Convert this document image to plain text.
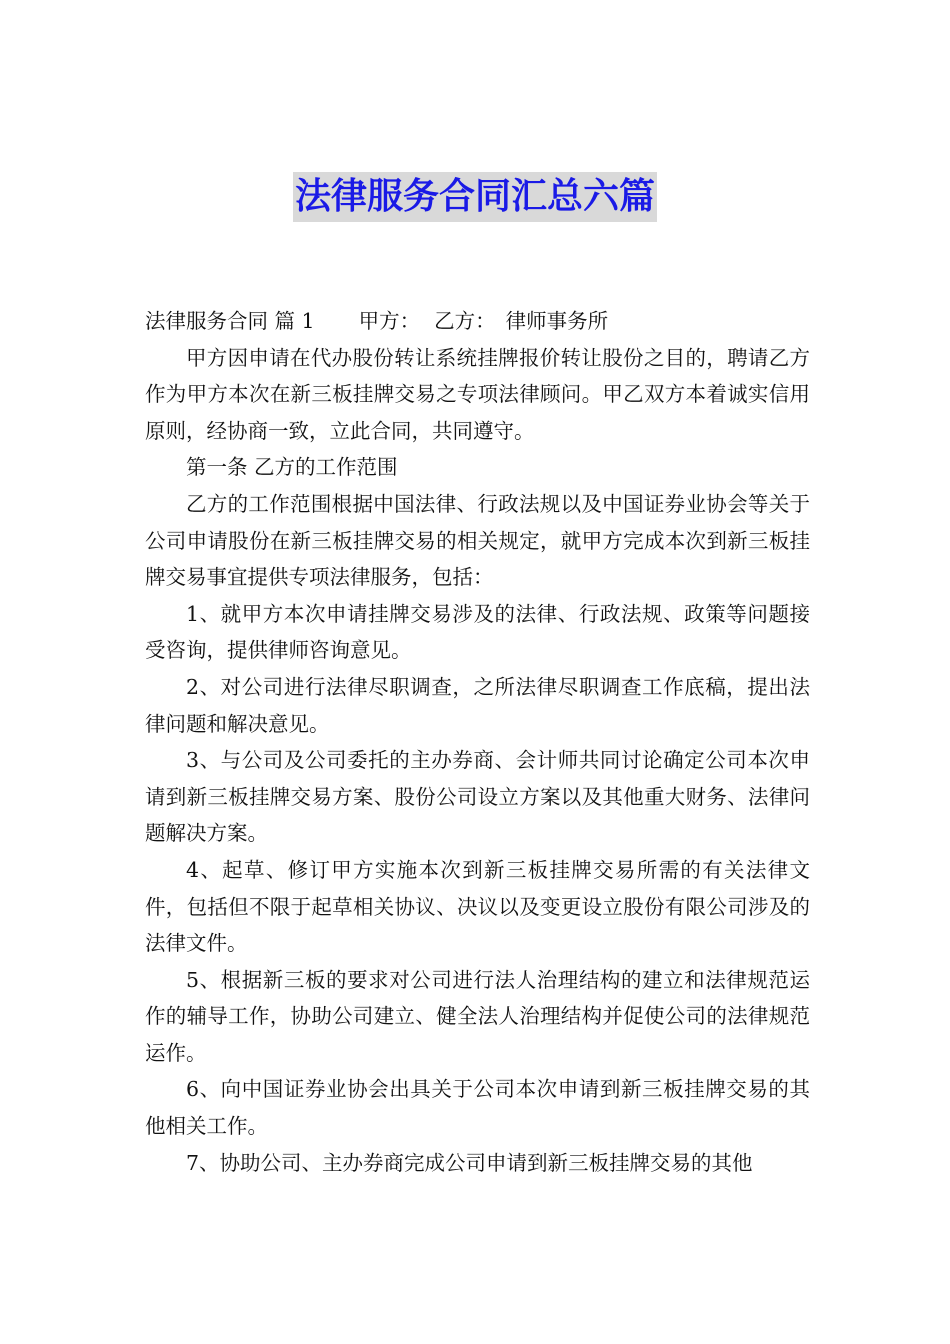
法律服务合同汇总六篇

法律服务合同 篇 1 甲方： 乙方： 律师事务所

甲方因申请在代办股份转让系统挂牌报价转让股份之目的，聘请乙方作为甲方本次在新三板挂牌交易之专项法律顾问。甲乙双方本着诚实信用原则，经协商一致，立此合同，共同遵守。

第一条 乙方的工作范围

乙方的工作范围根据中国法律、行政法规以及中国证券业协会等关于公司申请股份在新三板挂牌交易的相关规定，就甲方完成本次到新三板挂牌交易事宜提供专项法律服务，包括：

1、就甲方本次申请挂牌交易涉及的法律、行政法规、政策等问题接受咨询，提供律师咨询意见。

2、对公司进行法律尽职调查，之所法律尽职调查工作底稿，提出法律问题和解决意见。

3、与公司及公司委托的主办券商、会计师共同讨论确定公司本次申请到新三板挂牌交易方案、股份公司设立方案以及其他重大财务、法律问题解决方案。

4、起草、修订甲方实施本次到新三板挂牌交易所需的有关法律文件，包括但不限于起草相关协议、决议以及变更设立股份有限公司涉及的法律文件。

5、根据新三板的要求对公司进行法人治理结构的建立和法律规范运作的辅导工作，协助公司建立、健全法人治理结构并促使公司的法律规范运作。

6、向中国证券业协会出具关于公司本次申请到新三板挂牌交易的其他相关工作。

7、协助公司、主办券商完成公司申请到新三板挂牌交易的其他
